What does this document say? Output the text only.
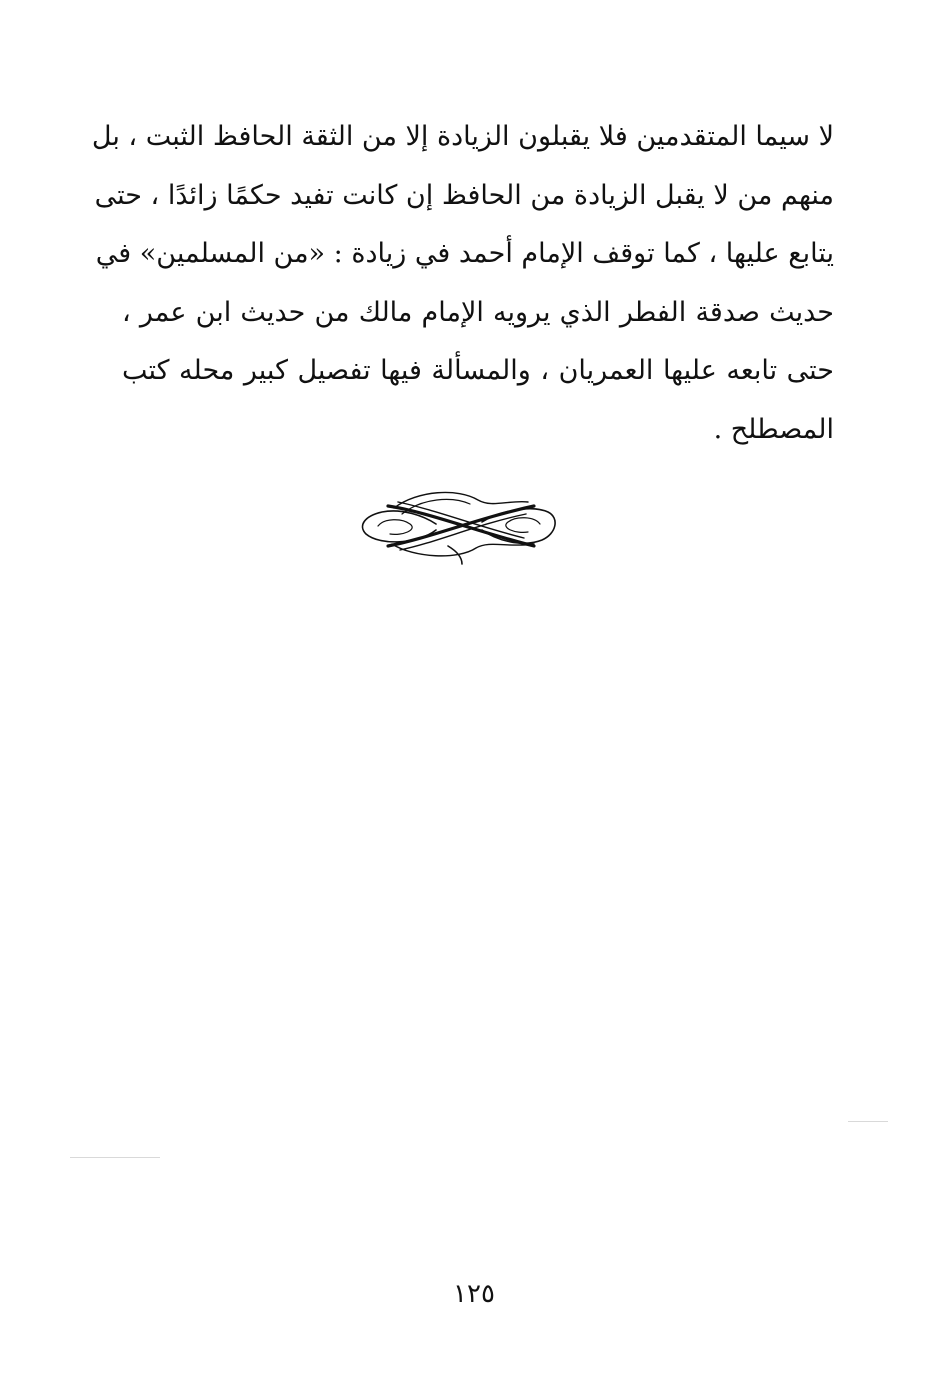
لا سيما المتقدمين فلا يقبلون الزيادة إلا من الثقة الحافظ الثبت ، بل
منهم من لا يقبل الزيادة من الحافظ إن كانت تفيد حكمًا زائدًا ، حتى
يتابع عليها ، كما توقف الإمام أحمد في زيادة : «من المسلمين» في
حديث صدقة الفطر الذي يرويه الإمام مالك من حديث ابن عمر ،
حتى تابعه عليها العمريان ، والمسألة فيها تفصيل كبير محله كتب
المصطلح .
١٢٥
